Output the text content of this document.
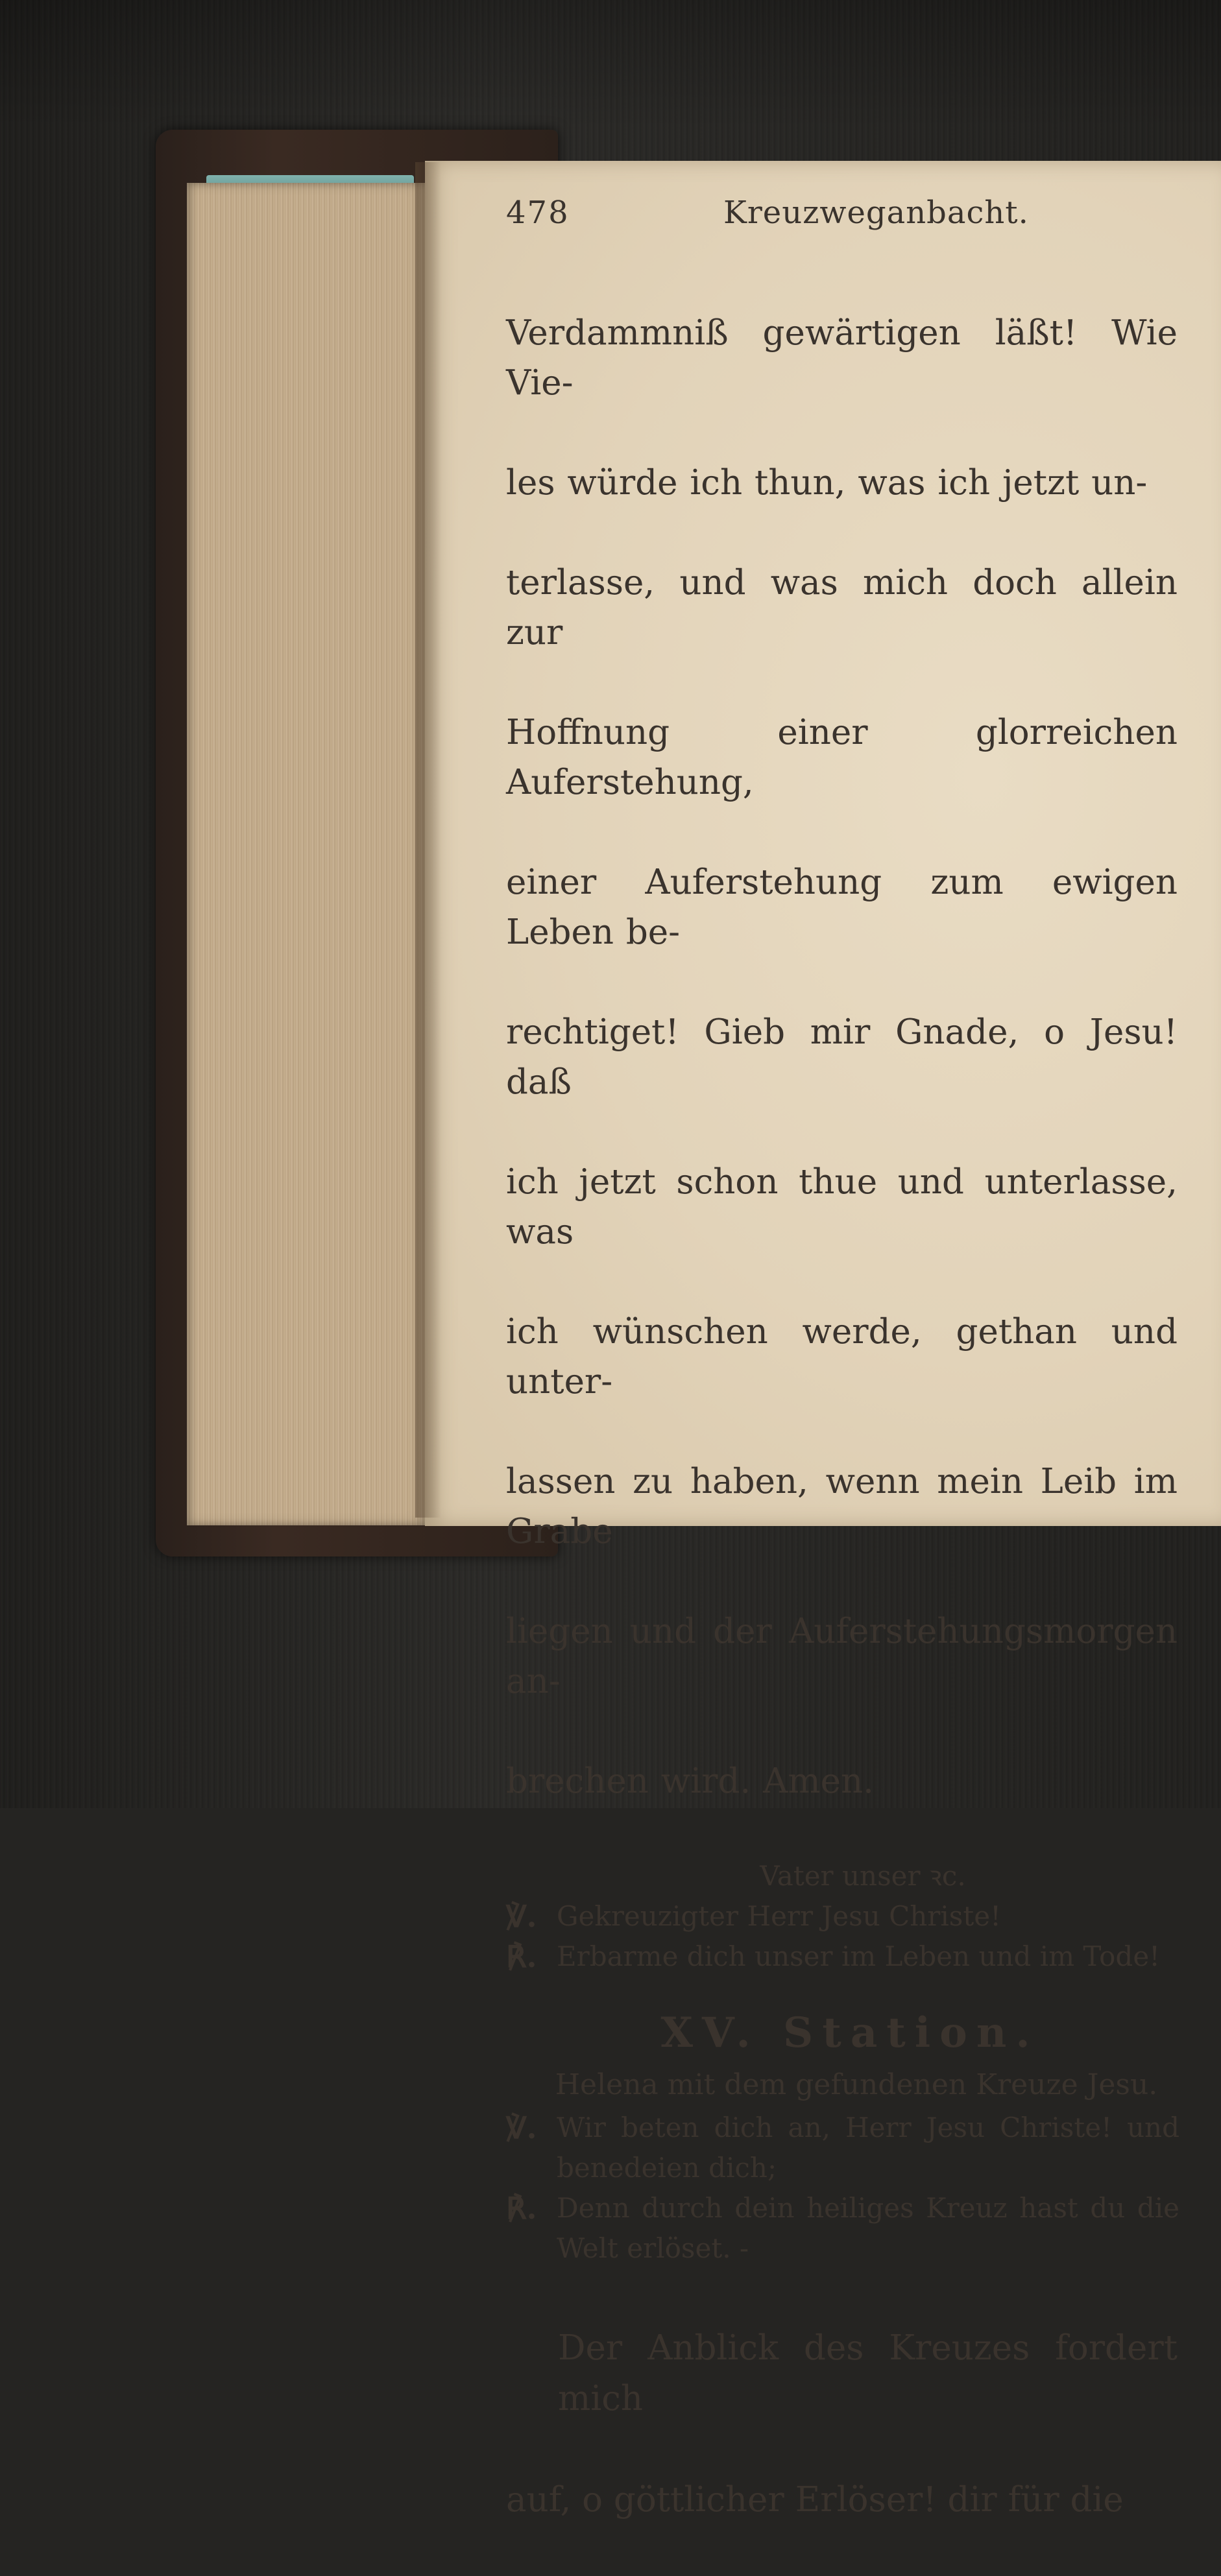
478	Kreuzweganbacht.

Verdammniß gewärtigen läßt! Wie Vie-

les würde ich thun, was ich jetzt un-

terlasse, und was mich doch allein zur

Hoffnung einer glorreichen Auferstehung,

einer Auferstehung zum ewigen Leben be-

rechtiget! Gieb mir Gnade, o Jesu! daß

ich jetzt schon thue und unterlasse, was

ich wünschen werde, gethan und unter-

lassen zu haben, wenn mein Leib im Grabe

liegen und der Auferstehungsmorgen an-

brechen wird. Amen.

Vater unser ꝛc.
℣. Gekreuzigter Herr Jesu Christe!
℟. Erbarme dich unser im Leben und im Tode!
XV. Station.
Helena mit dem gefundenen Kreuze Jesu.
℣. Wir beten dich an, Herr Jesu Christe! und benedeien dich;
℟. Denn durch dein heiliges Kreuz hast du die Welt erlöset. -

Der Anblick des Kreuzes fordert mich

auf, o göttlicher Erlöser! dir für die
